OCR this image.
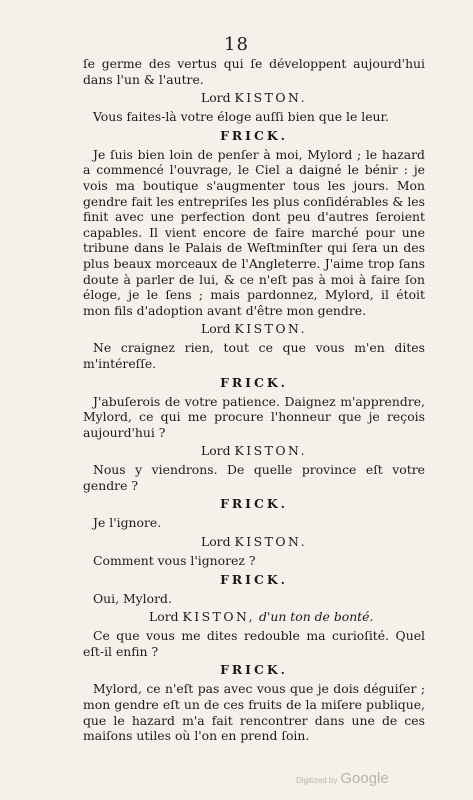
18

ſe germe des vertus qui ſe développent aujourd'hui dans l'un & l'autre.

Lord KISTON.

Vous faites-là votre éloge auſſi bien que le leur.

FRICK.

Je ſuis bien loin de penſer à moi, Mylord ; le hazard a commencé l'ouvrage, le Ciel a daigné le bénir : je vois ma boutique s'augmenter tous les jours. Mon gendre fait les entrepriſes les plus conſidérables & les finit avec une perfection dont peu d'autres ſeroient capables. Il vient encore de faire marché pour une tribune dans le Palais de Weſtminſter qui ſera un des plus beaux morceaux de l'Angleterre. J'aime trop ſans doute à parler de lui, & ce n'eſt pas à moi à faire ſon éloge, je le ſens ; mais pardonnez, Mylord, il étoit mon fils d'adoption avant d'être mon gendre.

Lord KISTON.

Ne craignez rien, tout ce que vous m'en dites m'intéreſſe.

FRICK.

J'abuſerois de votre patience. Daignez m'apprendre, Mylord, ce qui me procure l'honneur que je reçois aujourd'hui ?

Lord KISTON.

Nous y viendrons. De quelle province eſt votre gendre ?

FRICK.

Je l'ignore.

Lord KISTON.

Comment vous l'ignorez ?

FRICK.

Oui, Mylord.

Lord KISTON, d'un ton de bonté.

Ce que vous me dites redouble ma curioſité. Quel eſt-il enfin ?

FRICK.

Mylord, ce n'eſt pas avec vous que je dois déguiſer ; mon gendre eſt un de ces fruits de la miſere publique, que le hazard m'a fait rencontrer dans une de ces maiſons utiles où l'on en prend ſoin.

Digitized by Google
